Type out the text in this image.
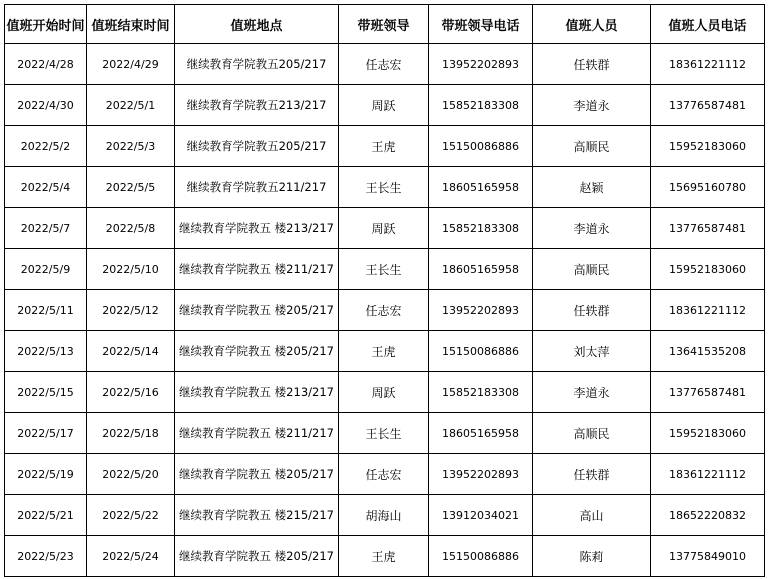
值班开始时间	值班结束时间	值班地点	带班领导	带班领导电话	值班人员	值班人员电话
2022/4/28	2022/4/29	继续教育学院教五205/217	任志宏	13952202893	任轶群	18361221112
2022/4/30	2022/5/1	继续教育学院教五213/217	周跃	15852183308	李道永	13776587481
2022/5/2	2022/5/3	继续教育学院教五205/217	王虎	15150086886	高顺民	15952183060
2022/5/4	2022/5/5	继续教育学院教五211/217	王长生	18605165958	赵颖	15695160780
2022/5/7	2022/5/8	继续教育学院教五 楼213/217	周跃	15852183308	李道永	13776587481
2022/5/9	2022/5/10	继续教育学院教五 楼211/217	王长生	18605165958	高顺民	15952183060
2022/5/11	2022/5/12	继续教育学院教五 楼205/217	任志宏	13952202893	任轶群	18361221112
2022/5/13	2022/5/14	继续教育学院教五 楼205/217	王虎	15150086886	刘太萍	13641535208
2022/5/15	2022/5/16	继续教育学院教五 楼213/217	周跃	15852183308	李道永	13776587481
2022/5/17	2022/5/18	继续教育学院教五 楼211/217	王长生	18605165958	高顺民	15952183060
2022/5/19	2022/5/20	继续教育学院教五 楼205/217	任志宏	13952202893	任轶群	18361221112
2022/5/21	2022/5/22	继续教育学院教五 楼215/217	胡海山	13912034021	高山	18652220832
2022/5/23	2022/5/24	继续教育学院教五 楼205/217	王虎	15150086886	陈莉	13775849010
